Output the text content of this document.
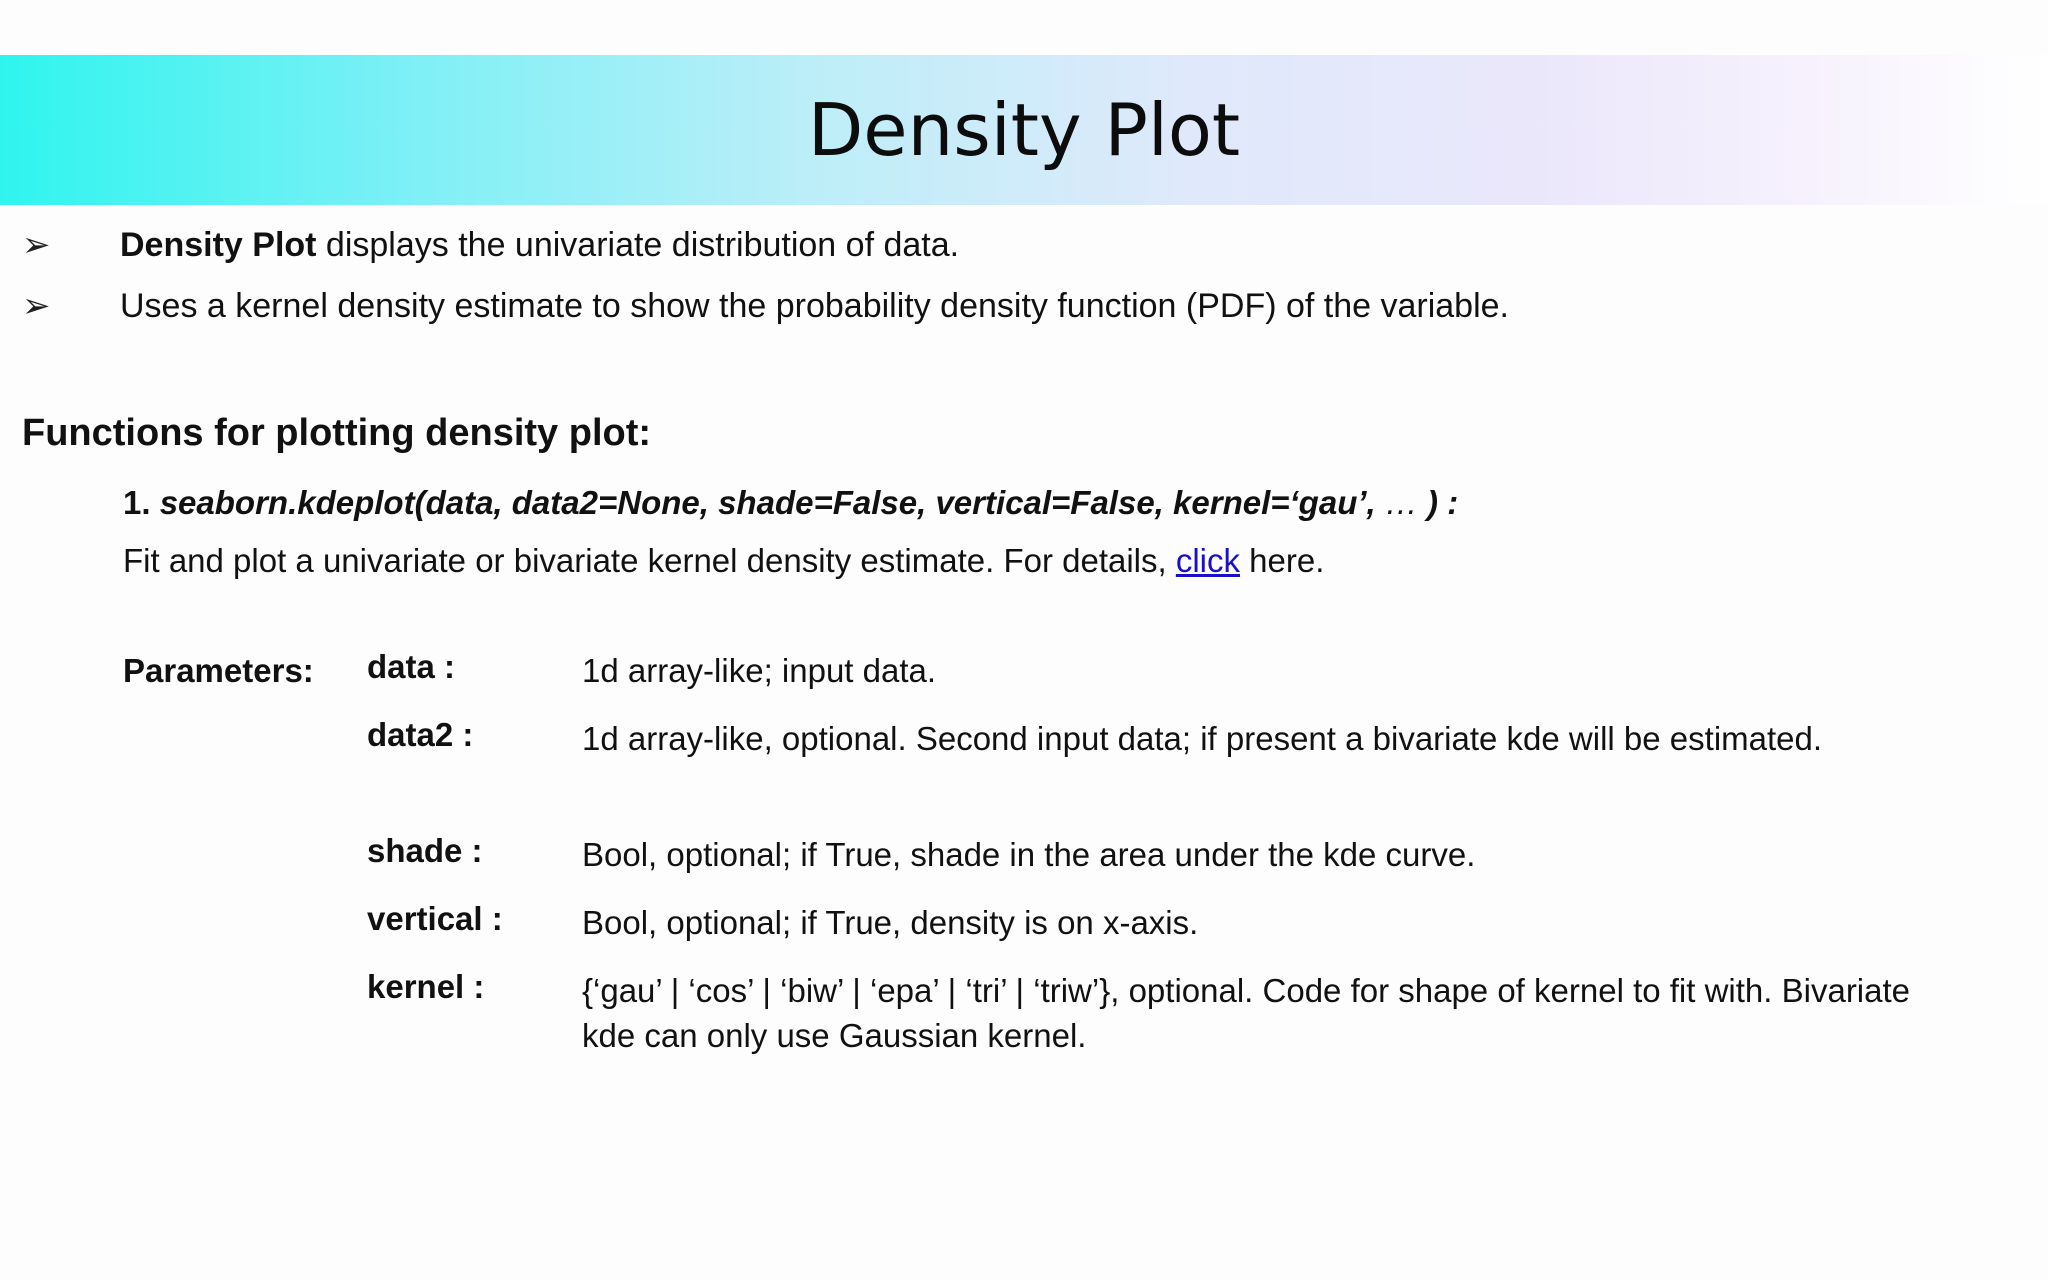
Density Plot
➢	Density Plot displays the univariate distribution of data.
➢	Uses a kernel density estimate to show the probability density function (PDF) of the variable.
Functions for plotting density plot:
1. seaborn.kdeplot(data, data2=None, shade=False, vertical=False, kernel=‘gau’, … ) :
Fit and plot a univariate or bivariate kernel density estimate. For details, click here.
Parameters: data :	1d array-like; input data.
data2 :	1d array-like, optional. Second input data; if present a bivariate kde will be estimated.
shade :	Bool, optional; if True, shade in the area under the kde curve.
vertical :	Bool, optional; if True, density is on x-axis.
kernel :	{‘gau’ | ‘cos’ | ‘biw’ | ‘epa’ | ‘tri’ | ‘triw’}, optional. Code for shape of kernel to fit with. Bivariate kde can only use Gaussian kernel.
